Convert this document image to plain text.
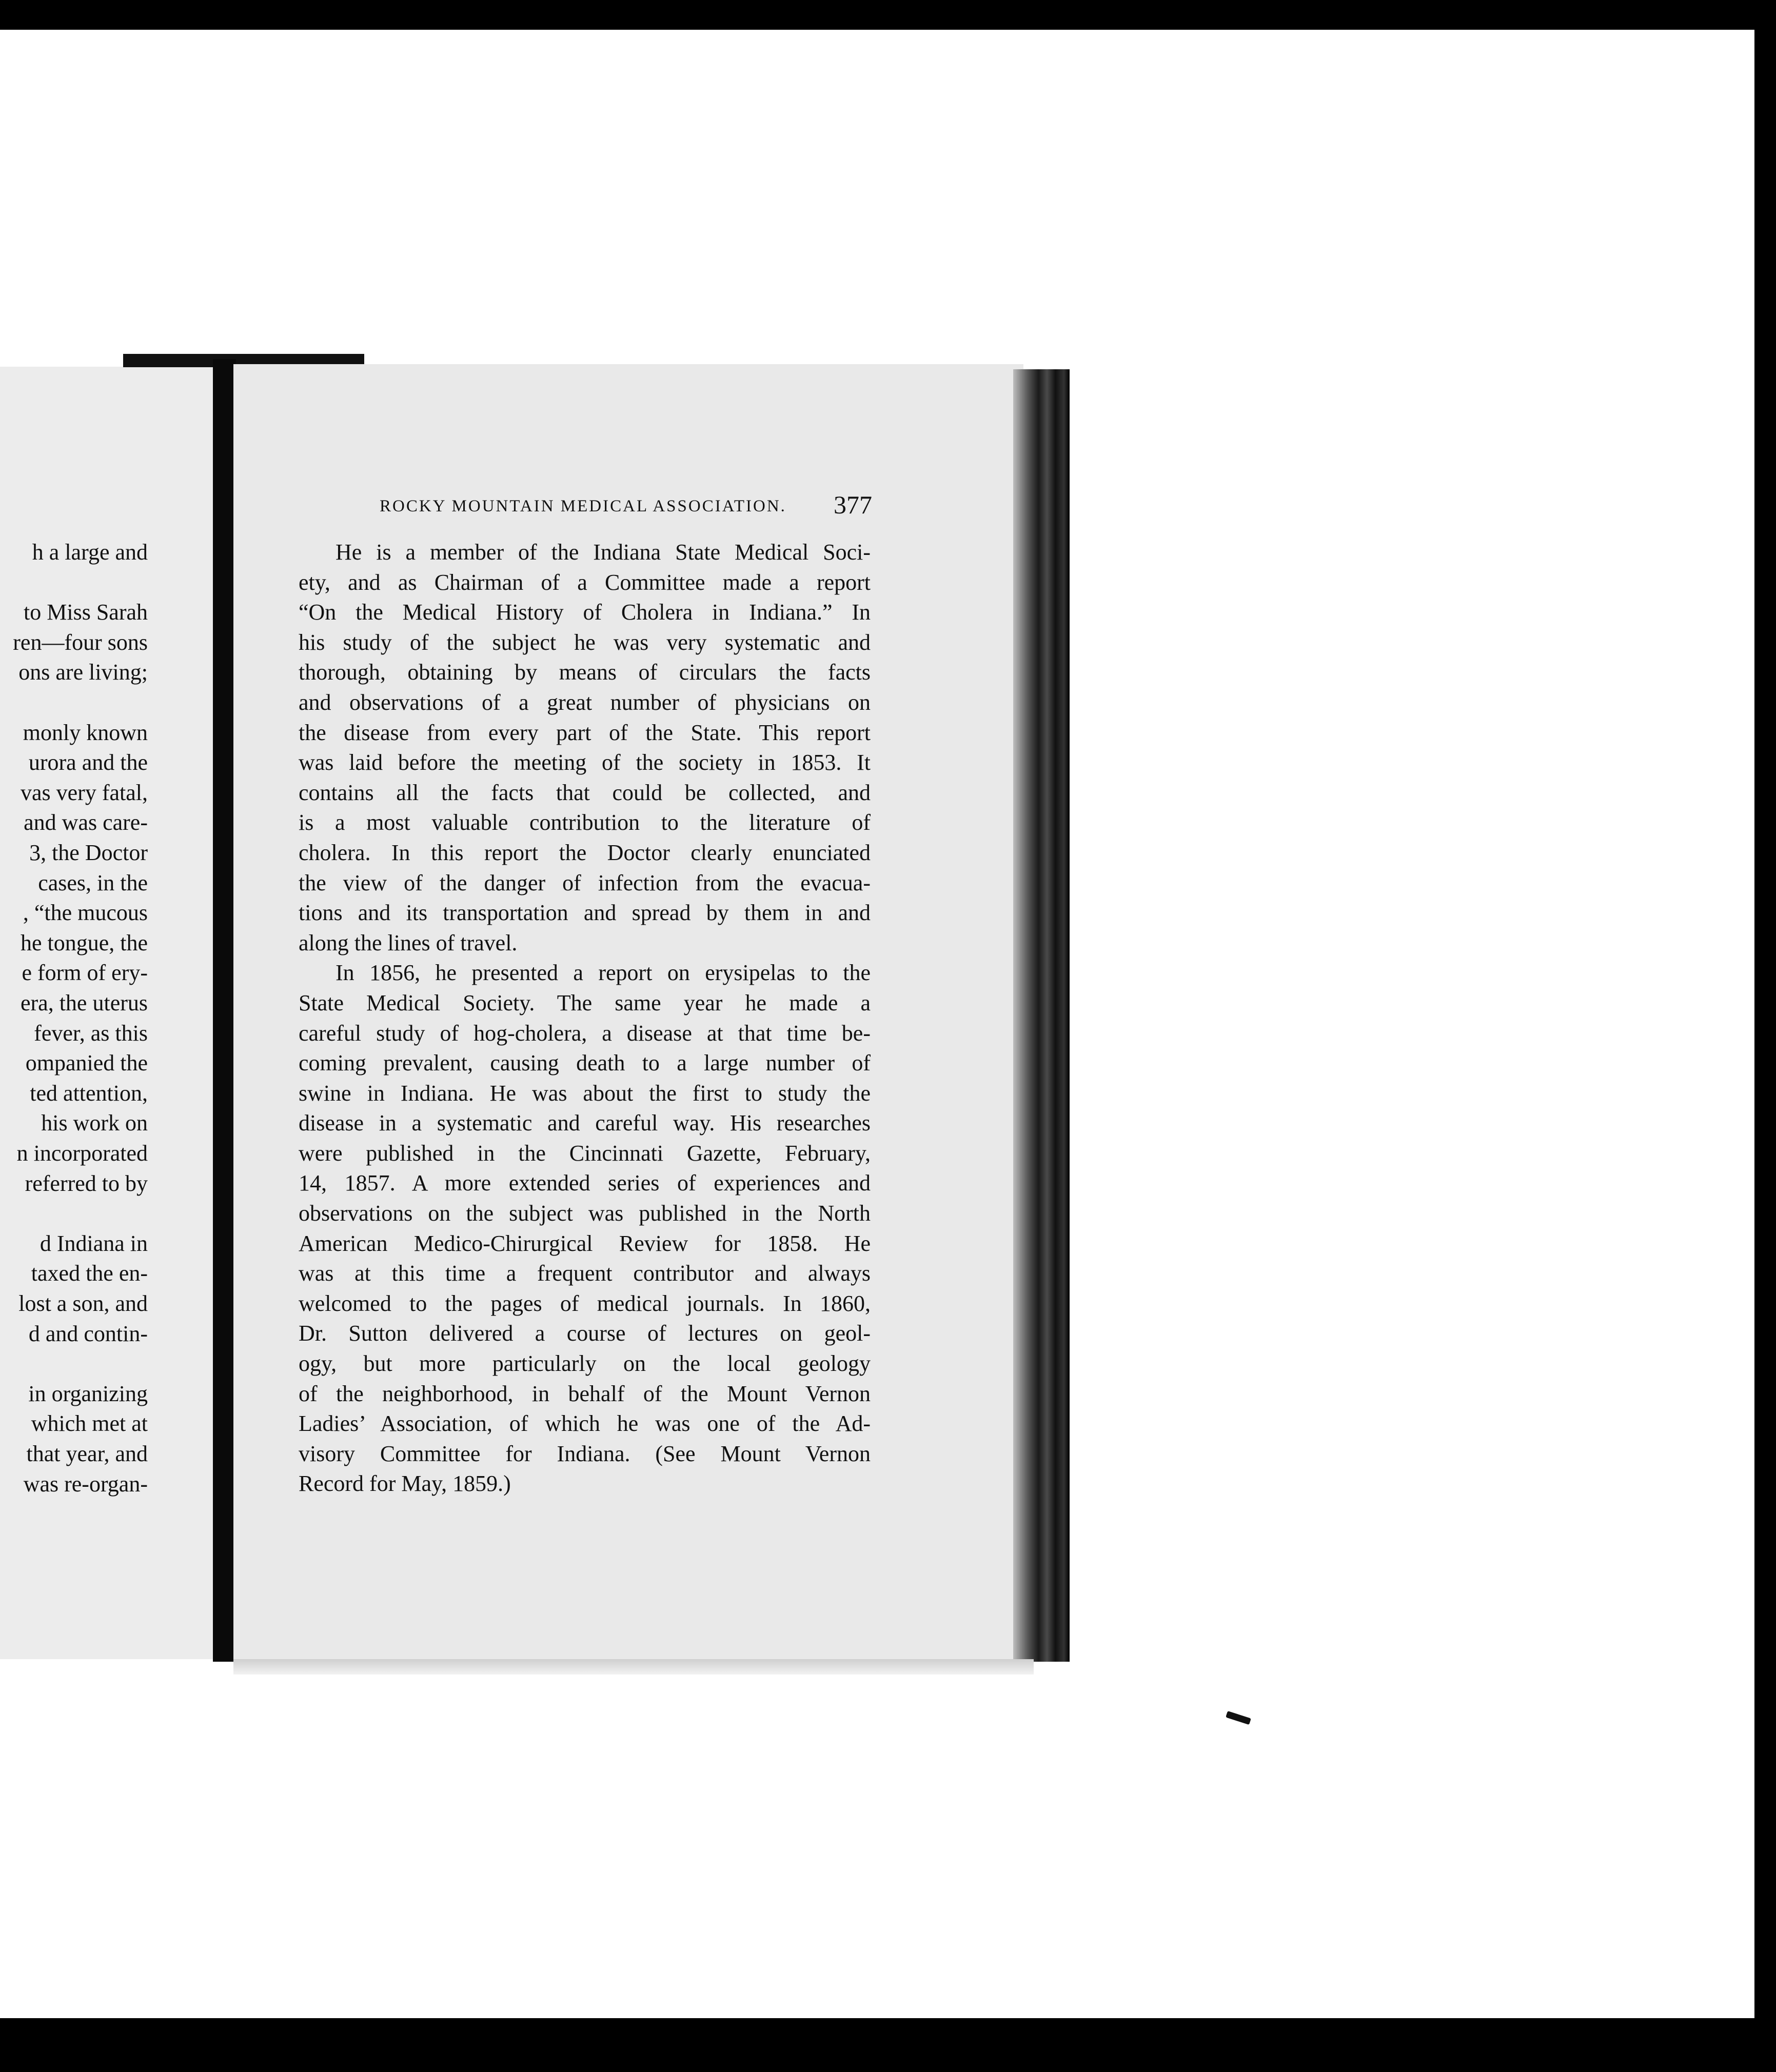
h a large and
to Miss Sarah
ren—four sons
ons are living;
monly known
urora and the
vas very fatal,
and was care-
3, the Doctor
cases, in the
, “the mucous
he tongue, the
e form of ery-
era, the uterus
fever, as this
ompanied the
ted attention,
his work on
n incorporated
referred to by
d Indiana in
taxed the en-
lost a son, and
d and contin-
in organizing
which met at
that year, and
was re-organ-
ROCKY MOUNTAIN MEDICAL ASSOCIATION. 377
He is a member of the Indiana State Medical Soci-
ety, and as Chairman of a Committee made a report
“On the Medical History of Cholera in Indiana.” In
his study of the subject he was very systematic and
thorough, obtaining by means of circulars the facts
and observations of a great number of physicians on
the disease from every part of the State. This report
was laid before the meeting of the society in 1853. It
contains all the facts that could be collected, and
is a most valuable contribution to the literature of
cholera. In this report the Doctor clearly enunciated
the view of the danger of infection from the evacua-
tions and its transportation and spread by them in and
along the lines of travel.
In 1856, he presented a report on erysipelas to the
State Medical Society. The same year he made a
careful study of hog-cholera, a disease at that time be-
coming prevalent, causing death to a large number of
swine in Indiana. He was about the first to study the
disease in a systematic and careful way. His researches
were published in the Cincinnati Gazette, February,
14, 1857. A more extended series of experiences and
observations on the subject was published in the North
American Medico-Chirurgical Review for 1858. He
was at this time a frequent contributor and always
welcomed to the pages of medical journals. In 1860,
Dr. Sutton delivered a course of lectures on geol-
ogy, but more particularly on the local geology
of the neighborhood, in behalf of the Mount Vernon
Ladies’ Association, of which he was one of the Ad-
visory Committee for Indiana. (See Mount Vernon
Record for May, 1859.)
